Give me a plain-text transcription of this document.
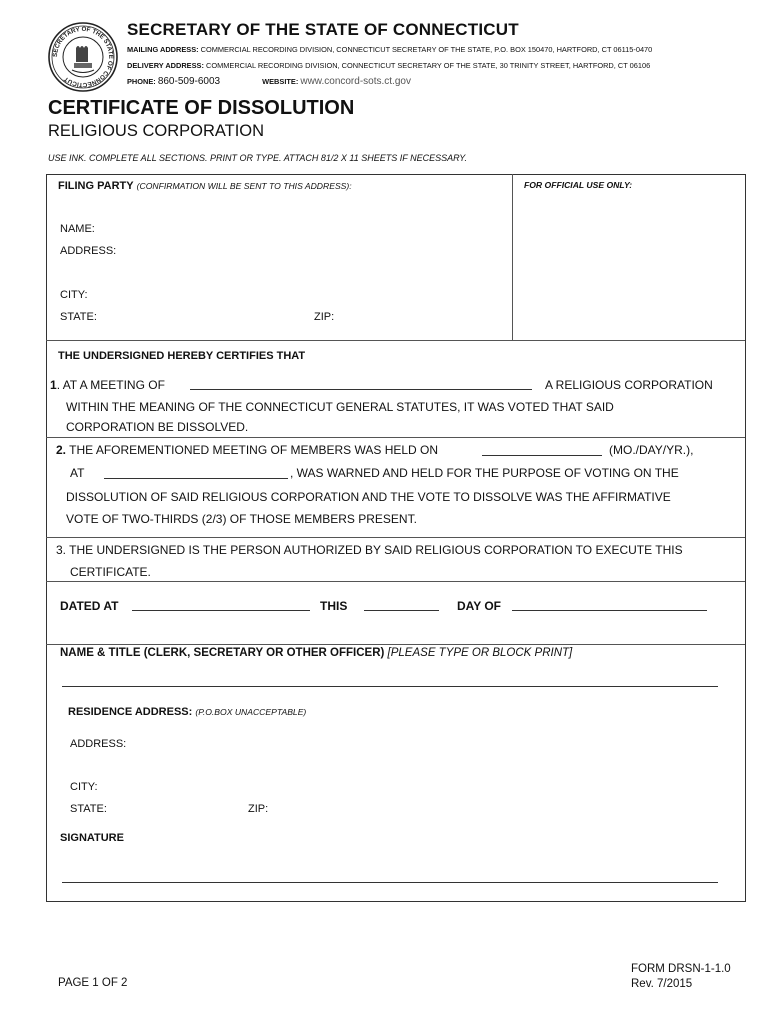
SECRETARY OF THE STATE OF CONNECTICUT
SECRETARY OF THE STATE OF CONNECTICUT
MAILING ADDRESS: COMMERCIAL RECORDING DIVISION, CONNECTICUT SECRETARY OF THE STATE, P.O. BOX 150470, HARTFORD, CT 06115-0470
DELIVERY ADDRESS: COMMERCIAL RECORDING DIVISION, CONNECTICUT SECRETARY OF THE STATE, 30 TRINITY STREET, HARTFORD, CT 06106
PHONE: 860-509-6003	WEBSITE: www.concord-sots.ct.gov
CERTIFICATE OF DISSOLUTION
RELIGIOUS CORPORATION
USE INK. COMPLETE ALL SECTIONS. PRINT OR TYPE. ATTACH 81/2 X 11 SHEETS IF NECESSARY.
FILING PARTY (CONFIRMATION WILL BE SENT TO THIS ADDRESS):	FOR OFFICIAL USE ONLY:
NAME:
ADDRESS:
CITY:
STATE:	ZIP:
THE UNDERSIGNED HEREBY CERTIFIES THAT
1. AT A MEETING OF	A RELIGIOUS CORPORATION
WITHIN THE MEANING OF THE CONNECTICUT GENERAL STATUTES, IT WAS VOTED THAT SAID
CORPORATION BE DISSOLVED.
2. THE AFOREMENTIONED MEETING OF MEMBERS WAS HELD ON	(MO./DAY/YR.),
AT	, WAS WARNED AND HELD FOR THE PURPOSE OF VOTING ON THE
DISSOLUTION OF SAID RELIGIOUS CORPORATION AND THE VOTE TO DISSOLVE WAS THE AFFIRMATIVE
VOTE OF TWO-THIRDS (2/3) OF THOSE MEMBERS PRESENT.
3. THE UNDERSIGNED IS THE PERSON AUTHORIZED BY SAID RELIGIOUS CORPORATION TO EXECUTE THIS
CERTIFICATE.
DATED AT	THIS	DAY OF
NAME & TITLE (CLERK, SECRETARY OR OTHER OFFICER) [PLEASE TYPE OR BLOCK PRINT]
RESIDENCE ADDRESS: (P.O.BOX UNACCEPTABLE)
ADDRESS:
CITY:
STATE:	ZIP:
SIGNATURE
PAGE 1 OF 2
FORM DRSN-1-1.0
Rev. 7/2015
